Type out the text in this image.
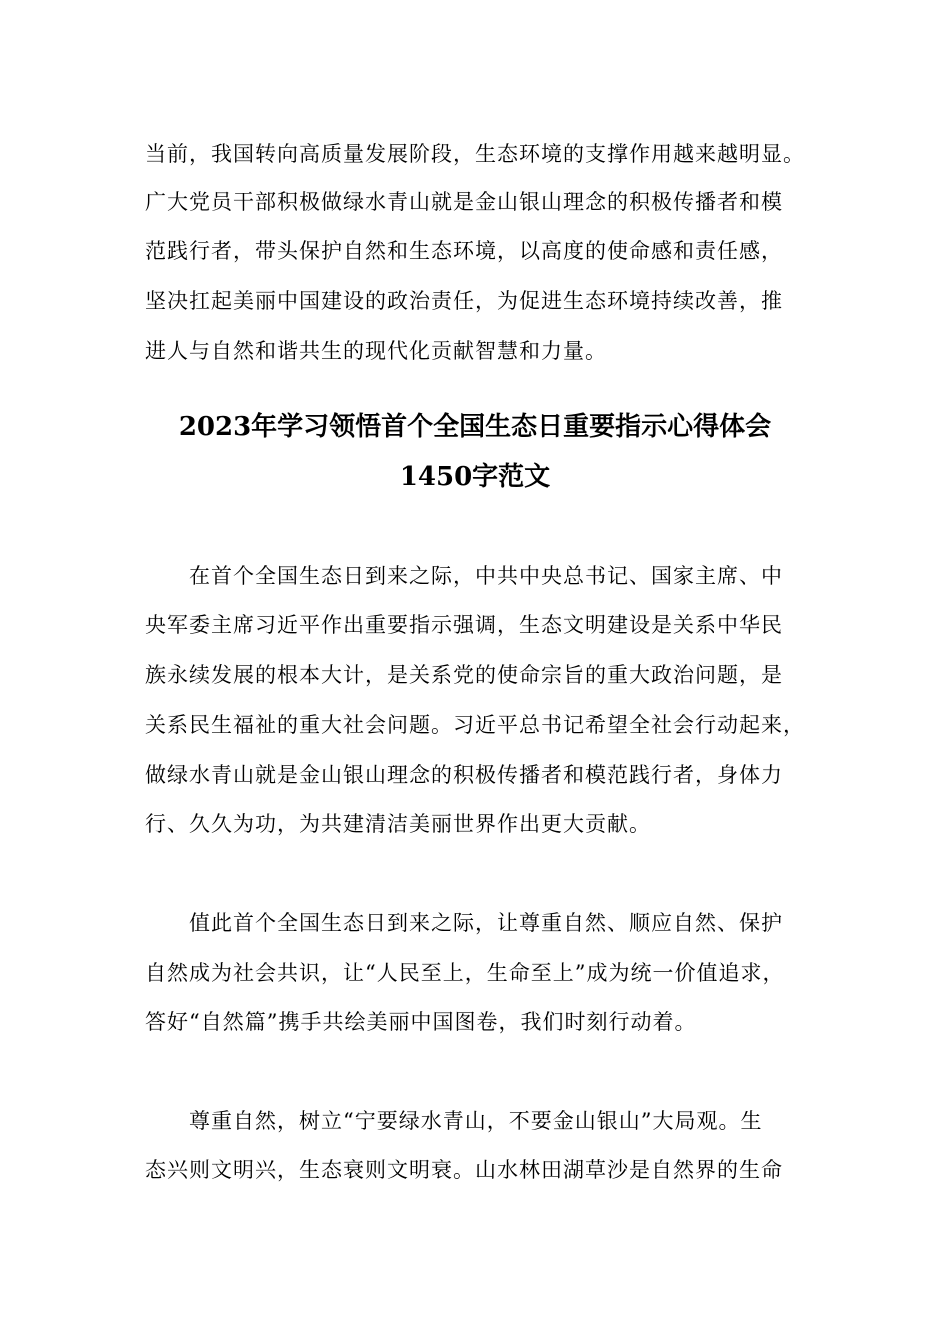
当前，我国转向高质量发展阶段，生态环境的支撑作用越来越明显。
广大党员干部积极做绿水青山就是金山银山理念的积极传播者和模
范践行者，带头保护自然和生态环境，以高度的使命感和责任感，
坚决扛起美丽中国建设的政治责任，为促进生态环境持续改善，推
进人与自然和谐共生的现代化贡献智慧和力量。
2023年学习领悟首个全国生态日重要指示心得体会
1450字范文
　　在首个全国生态日到来之际，中共中央总书记、国家主席、中
央军委主席习近平作出重要指示强调，生态文明建设是关系中华民
族永续发展的根本大计，是关系党的使命宗旨的重大政治问题，是
关系民生福祉的重大社会问题。习近平总书记希望全社会行动起来，
做绿水青山就是金山银山理念的积极传播者和模范践行者，身体力
行、久久为功，为共建清洁美丽世界作出更大贡献。
　　值此首个全国生态日到来之际，让尊重自然、顺应自然、保护
自然成为社会共识，让“人民至上，生命至上”成为统一价值追求，
答好“自然篇”携手共绘美丽中国图卷，我们时刻行动着。
　　尊重自然，树立“宁要绿水青山，不要金山银山”大局观。生
态兴则文明兴，生态衰则文明衰。山水林田湖草沙是自然界的生命
